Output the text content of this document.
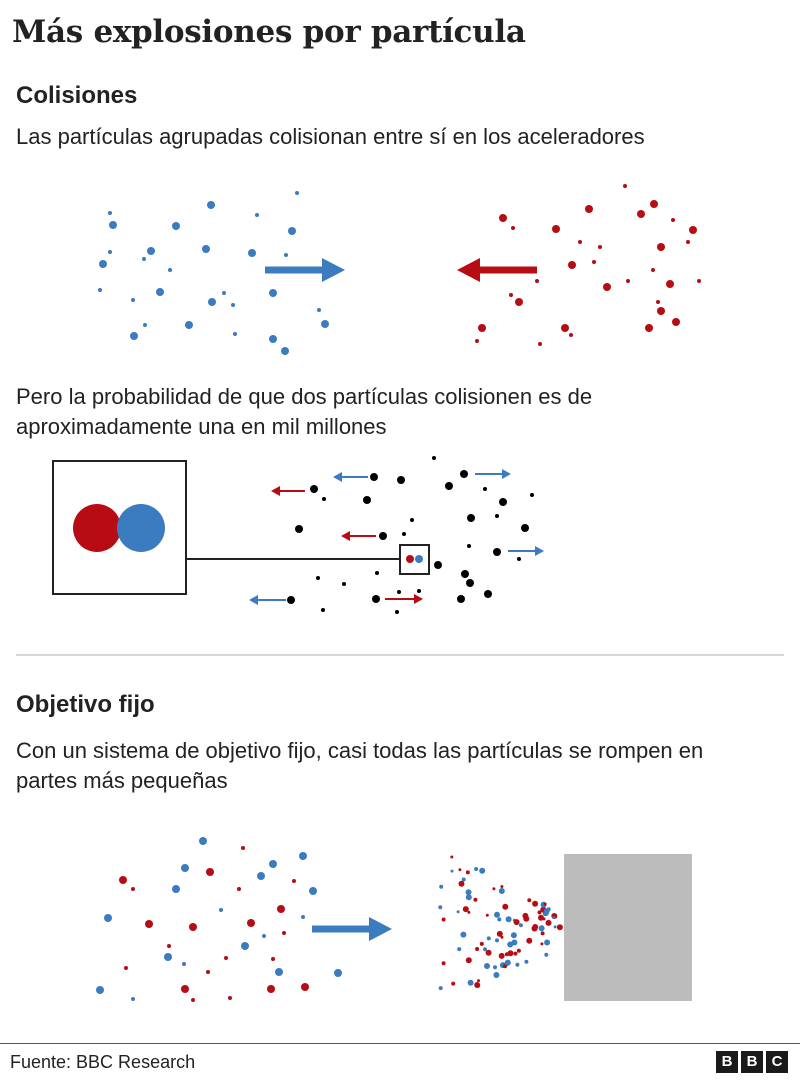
Más explosiones por partícula
Colisiones

Las partículas agrupadas colisionan entre sí en los aceleradores

Pero la probabilidad de que dos partículas colisionen es de aproximadamente una en mil millones

Objetivo fijo

Con un sistema de objetivo fijo, casi todas las partículas se rompen en partes más pequeñas

Fuente: BBC Research	B B C
